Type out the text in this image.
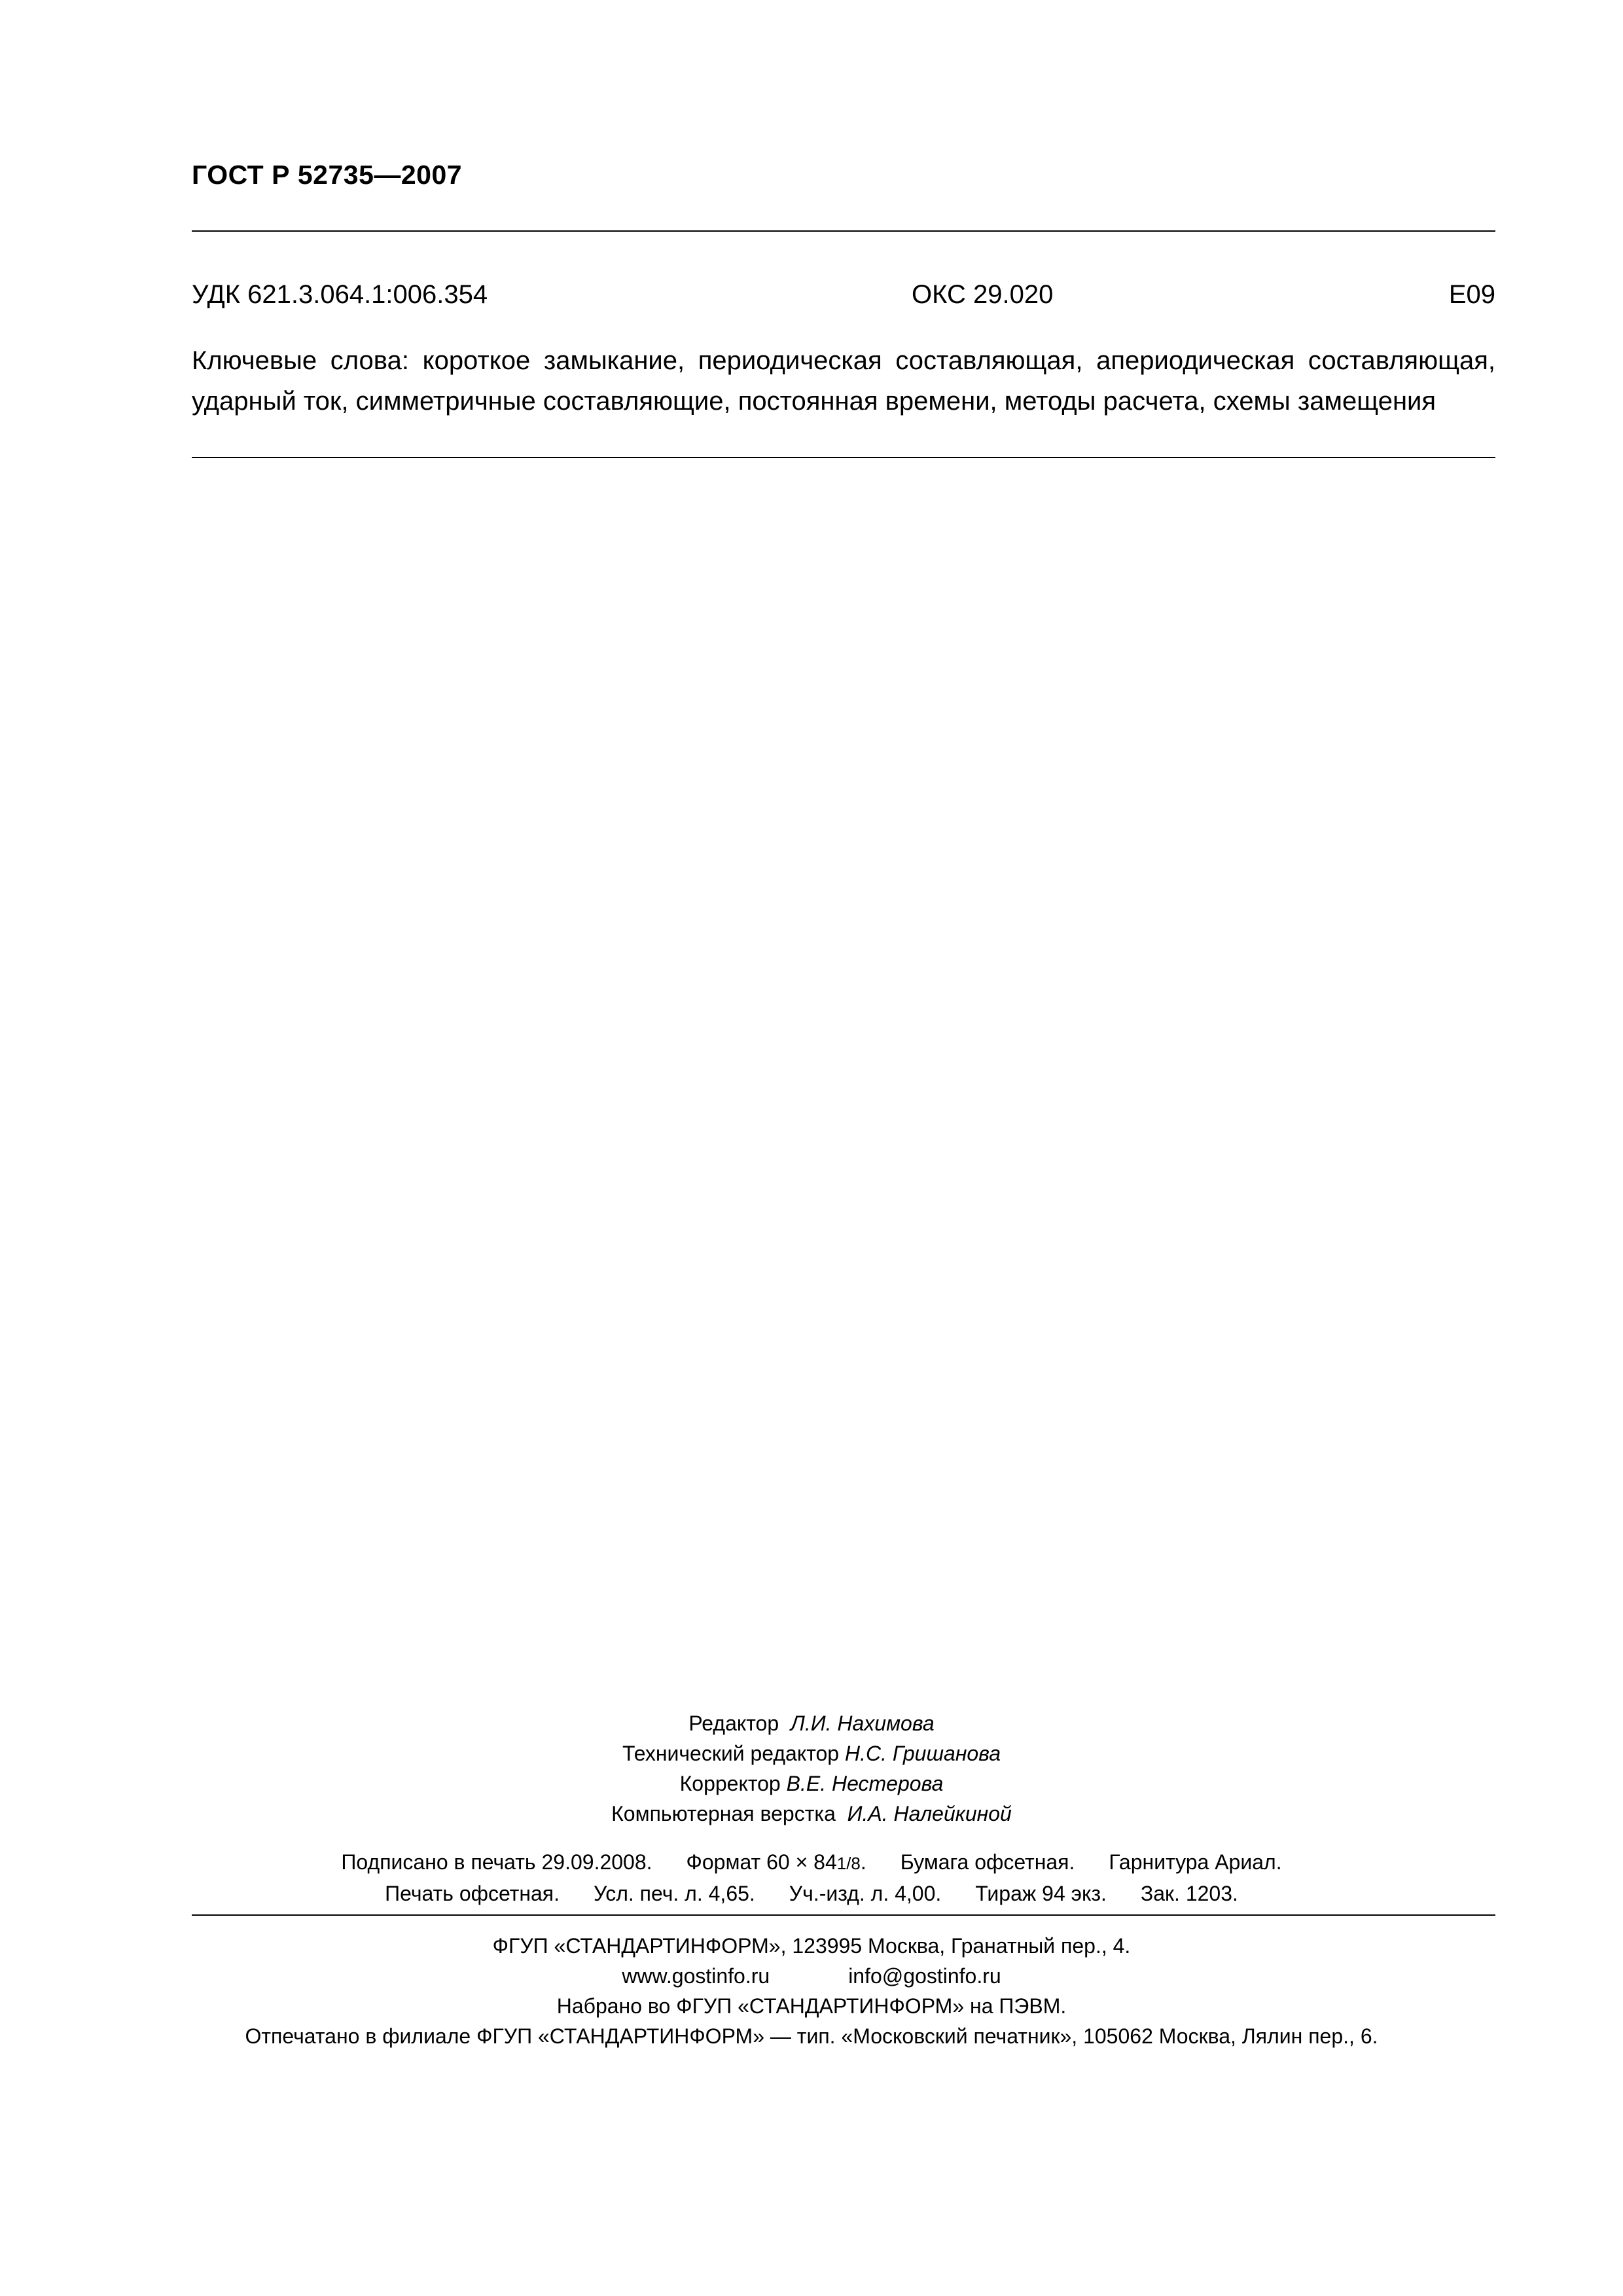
ГОСТ Р 52735—2007
УДК 621.3.064.1:006.354	ОКС 29.020	Е09
Ключевые слова: короткое замыкание, периодическая составляющая, апериодическая составляющая,
ударный ток, симметричные составляющие, постоянная времени, методы расчета, схемы замещения
Редактор Л.И. Нахимова
Технический редактор Н.С. Гришанова
Корректор В.Е. Нестерова
Компьютерная верстка И.А. Налейкиной
Подписано в печать 29.09.2008. Формат 60 × 841/8. Бумага офсетная. Гарнитура Ариал.
Печать офсетная. Усл. печ. л. 4,65. Уч.-изд. л. 4,00. Тираж 94 экз. Зак. 1203.
ФГУП «СТАНДАРТИНФОРМ», 123995 Москва, Гранатный пер., 4.
www.gostinfo.ru	info@gostinfo.ru
Набрано во ФГУП «СТАНДАРТИНФОРМ» на ПЭВМ.
Отпечатано в филиале ФГУП «СТАНДАРТИНФОРМ» — тип. «Московский печатник», 105062 Москва, Лялин пер., 6.
